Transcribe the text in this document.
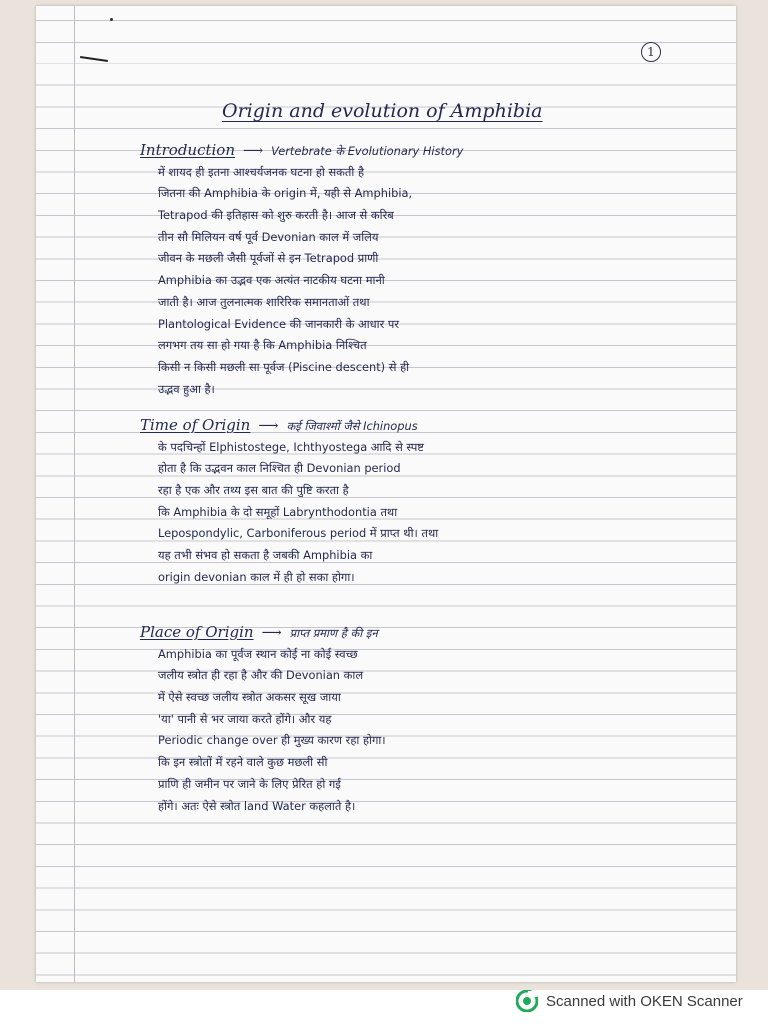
1
Origin and evolution of Amphibia
Introduction ⟶ Vertebrate के Evolutionary History
में शायद ही इतना आश्चर्यजनक घटना हो सकती है
जितना की Amphibia के origin में, यही से Amphibia,
Tetrapod की इतिहास को शुरु करती है। आज से करिब
तीन सौ मिलियन वर्ष पूर्व Devonian काल में जलिय
जीवन के मछली जैसी पूर्वजों से इन Tetrapod प्राणी
Amphibia का उद्भव एक अत्यंत नाटकीय घटना मानी
जाती है। आज तुलनात्मक शारिरिक समानताओं तथा
Plantological Evidence की जानकारी के आधार पर
लगभग तय सा हो गया है कि Amphibia निश्चित
किसी न किसी मछली सा पूर्वज (Piscine descent) से ही
उद्भव हुआ है।
Time of Origin ⟶ कई जिवाश्मों जैसे Ichinopus
के पदचिन्हों Elphistostege, Ichthyostega आदि से स्पष्ट
होता है कि उद्भवन काल निश्चित ही Devonian period
रहा है एक और तथ्य इस बात की पुष्टि करता है
कि Amphibia के दो समूहों Labrynthodontia तथा
Lepospondylic, Carboniferous period में प्राप्त थी। तथा
यह तभी संभव हो सकता है जबकी Amphibia का
origin devonian काल में ही हो सका होगा।
Place of Origin ⟶ प्राप्त प्रमाण है की इन
Amphibia का पूर्वज स्थान कोई ना कोई स्वच्छ
जलीय स्त्रोत ही रहा है और की Devonian काल
में ऐसे स्वच्छ जलीय स्त्रोत अकसर सूख जाया
'या' पानी से भर जाया करते होंगे। और यह
Periodic change over ही मुख्य कारण रहा होगा।
कि इन स्त्रोतों में रहने वाले कुछ मछली सी
प्राणि ही जमीन पर जाने के लिए प्रेरित हो गई
होंगे। अतः ऐसे स्त्रोत land Water कहलाते है।
Scanned with OKEN Scanner
